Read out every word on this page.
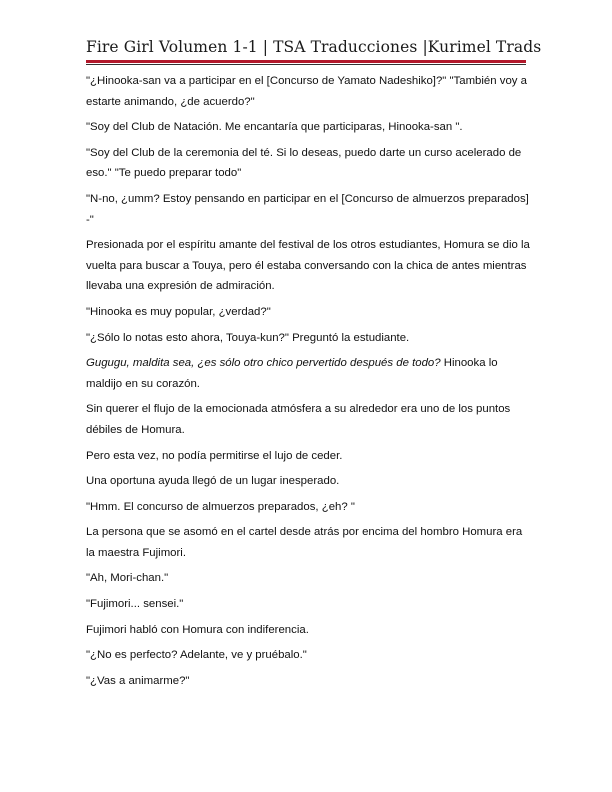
Fire Girl Volumen 1-1 | TSA Traducciones |Kurimel Trads

"¿Hinooka-san va a participar en el [Concurso de Yamato Nadeshiko]?" "También voy a estarte animando, ¿de acuerdo?"

"Soy del Club de Natación. Me encantaría que participaras, Hinooka-san ".

"Soy del Club de la ceremonia del té. Si lo deseas, puedo darte un curso acelerado de eso." "Te puedo preparar todo"

"N-no, ¿umm? Estoy pensando en participar en el [Concurso de almuerzos preparados] -"

Presionada por el espíritu amante del festival de los otros estudiantes, Homura se dio la vuelta para buscar a Touya, pero él estaba conversando con la chica de antes mientras llevaba una expresión de admiración.

"Hinooka es muy popular, ¿verdad?"

"¿Sólo lo notas esto ahora, Touya-kun?" Preguntó la estudiante.

Gugugu, maldita sea, ¿es sólo otro chico pervertido después de todo? Hinooka lo maldijo en su corazón.

Sin querer el flujo de la emocionada atmósfera a su alrededor era uno de los puntos débiles de Homura.

Pero esta vez, no podía permitirse el lujo de ceder.

Una oportuna ayuda llegó de un lugar inesperado.

"Hmm. El concurso de almuerzos preparados, ¿eh? "

La persona que se asomó en el cartel desde atrás por encima del hombro Homura era la maestra Fujimori.

"Ah, Mori-chan."

"Fujimori... sensei."

Fujimori habló con Homura con indiferencia.

"¿No es perfecto? Adelante, ve y pruébalo."

"¿Vas a animarme?"
